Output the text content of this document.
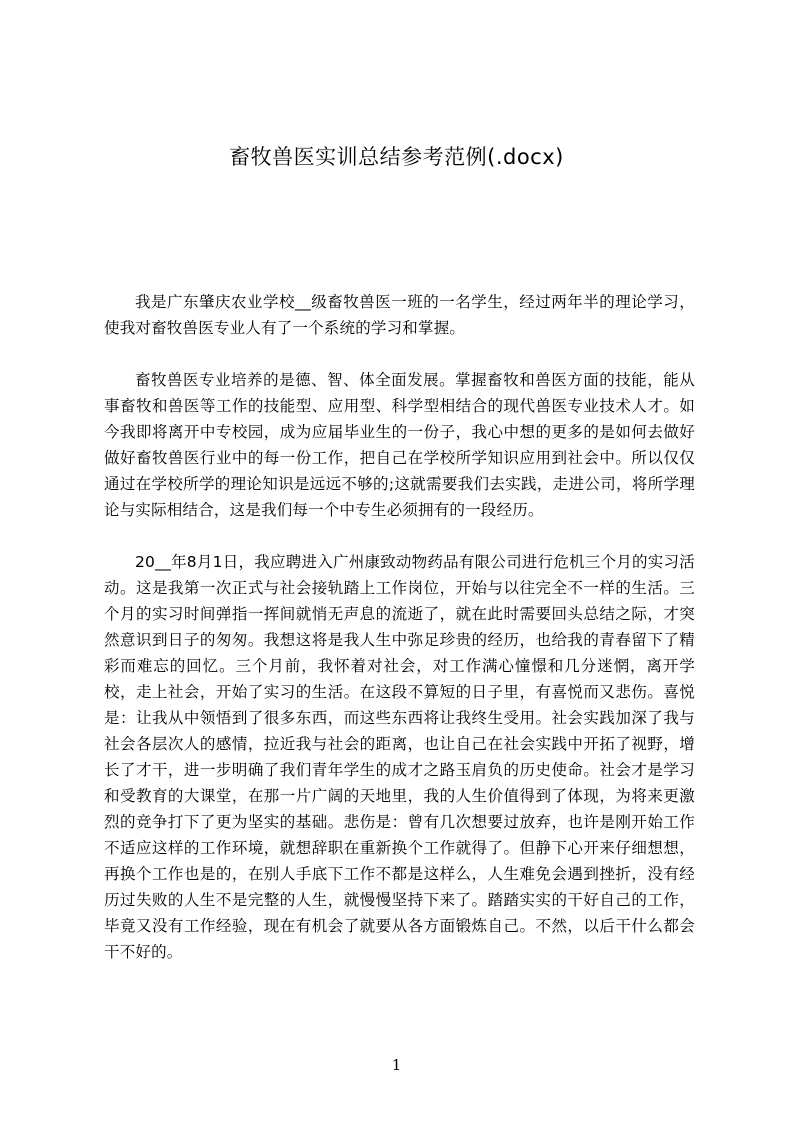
畜牧兽医实训总结参考范例(.docx)

我是广东肇庆农业学校__级畜牧兽医一班的一名学生，经过两年半的理论学习，使我对畜牧兽医专业人有了一个系统的学习和掌握。

畜牧兽医专业培养的是德、智、体全面发展。掌握畜牧和兽医方面的技能，能从事畜牧和兽医等工作的技能型、应用型、科学型相结合的现代兽医专业技术人才。如今我即将离开中专校园，成为应届毕业生的一份子，我心中想的更多的是如何去做好做好畜牧兽医行业中的每一份工作，把自己在学校所学知识应用到社会中。所以仅仅通过在学校所学的理论知识是远远不够的;这就需要我们去实践，走进公司，将所学理论与实际相结合，这是我们每一个中专生必须拥有的一段经历。

20__年8月1日，我应聘进入广州康致动物药品有限公司进行危机三个月的实习活动。这是我第一次正式与社会接轨踏上工作岗位，开始与以往完全不一样的生活。三个月的实习时间弹指一挥间就悄无声息的流逝了，就在此时需要回头总结之际，才突然意识到日子的匆匆。我想这将是我人生中弥足珍贵的经历，也给我的青春留下了精彩而难忘的回忆。三个月前，我怀着对社会，对工作满心憧憬和几分迷惘，离开学校，走上社会，开始了实习的生活。在这段不算短的日子里，有喜悦而又悲伤。喜悦是：让我从中领悟到了很多东西，而这些东西将让我终生受用。社会实践加深了我与社会各层次人的感情，拉近我与社会的距离，也让自己在社会实践中开拓了视野，增长了才干，进一步明确了我们青年学生的成才之路玉肩负的历史使命。社会才是学习和受教育的大课堂，在那一片广阔的天地里，我的人生价值得到了体现，为将来更激烈的竞争打下了更为坚实的基础。悲伤是：曾有几次想要过放弃，也许是刚开始工作不适应这样的工作环境，就想辞职在重新换个工作就得了。但静下心开来仔细想想，再换个工作也是的，在别人手底下工作不都是这样么，人生难免会遇到挫折，没有经历过失败的人生不是完整的人生，就慢慢坚持下来了。踏踏实实的干好自己的工作，毕竟又没有工作经验，现在有机会了就要从各方面锻炼自己。不然，以后干什么都会干不好的。

1
